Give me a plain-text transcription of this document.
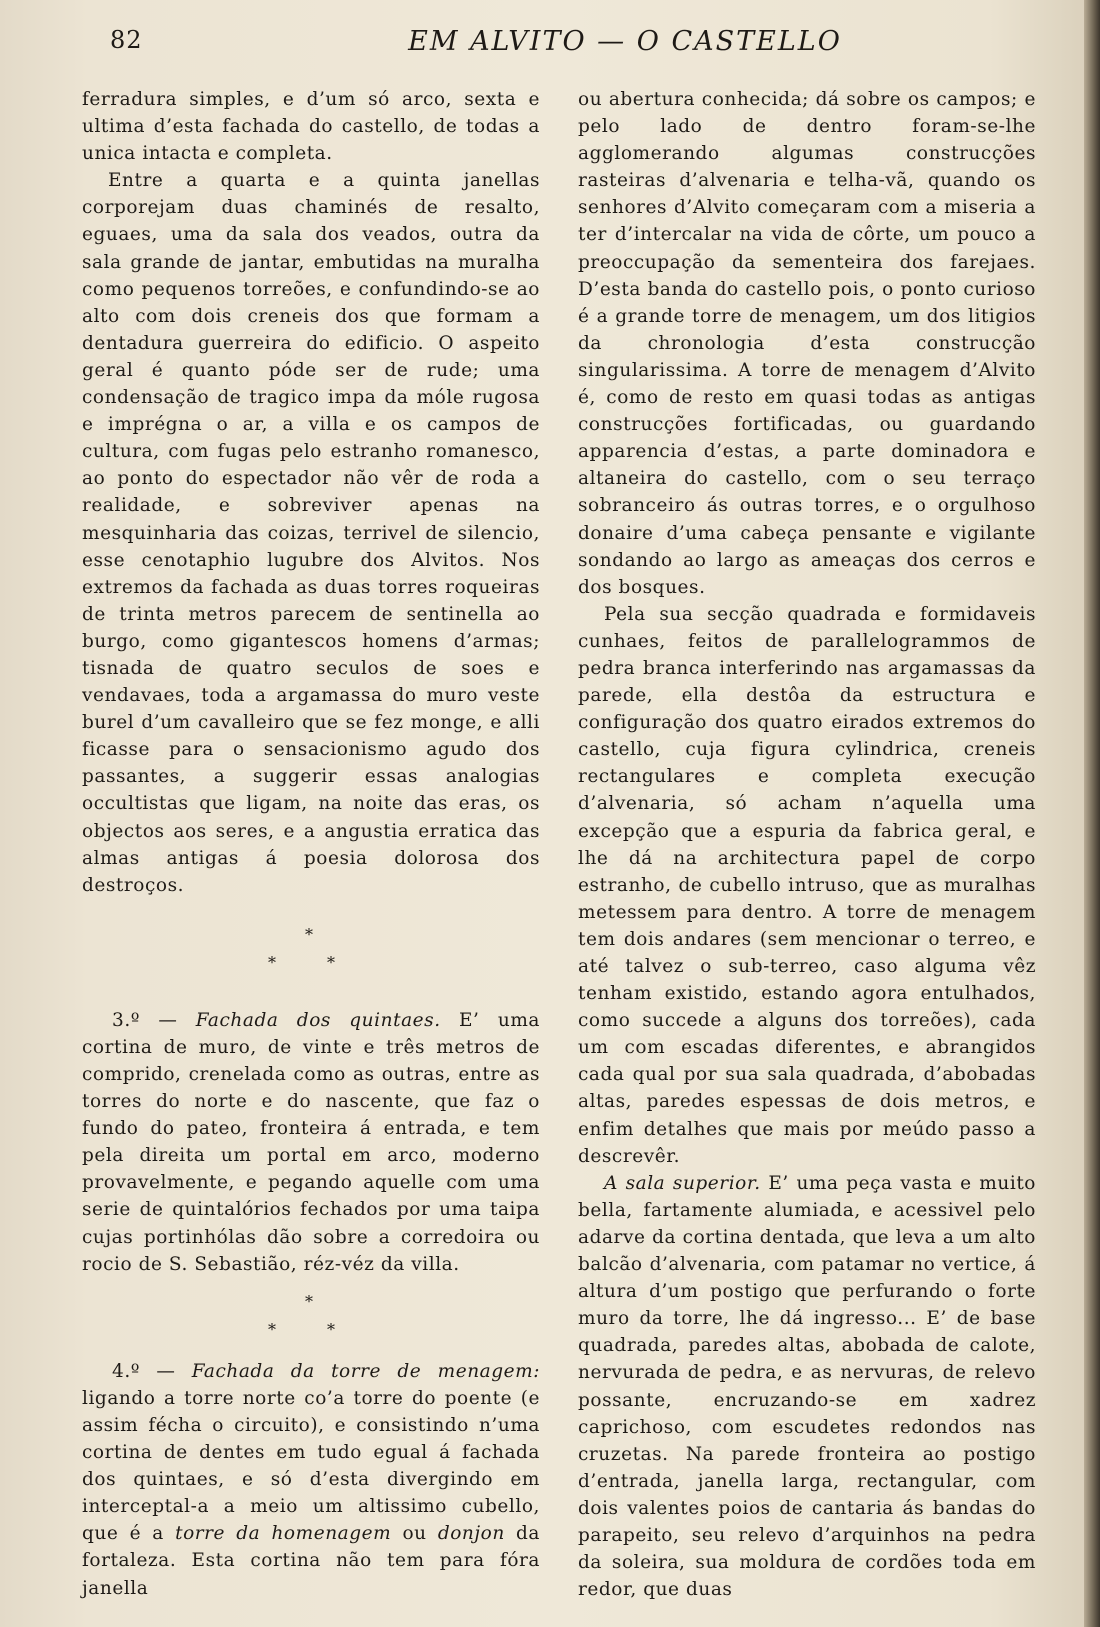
82	EM ALVITO — O CASTELLO

ferradura simples, e d’um só arco, sexta e ultima d’esta fachada do castello, de todas a unica intacta e completa.

Entre a quarta e a quinta janellas corporejam duas chaminés de resalto, eguaes, uma da sala dos veados, outra da sala grande de jantar, embutidas na muralha como pequenos torreões, e confundindo-se ao alto com dois creneis dos que formam a dentadura guerreira do edificio. O aspeito geral é quanto póde ser de rude; uma condensação de tragico impa da móle rugosa e imprégna o ar, a villa e os campos de cultura, com fugas pelo estranho romanesco, ao ponto do espectador não vêr de roda a realidade, e sobreviver apenas na mesquinharia das coizas, terrivel de silencio, esse cenotaphio lugubre dos Alvitos. Nos extremos da fachada as duas torres roqueiras de trinta metros parecem de sentinella ao burgo, como gigantescos homens d’armas; tisnada de quatro seculos de soes e vendavaes, toda a argamassa do muro veste burel d’um cavalleiro que se fez monge, e alli ficasse para o sensacionismo agudo dos passantes, a suggerir essas analogias occultistas que ligam, na noite das eras, os objectos aos seres, e a angustia erratica das almas antigas á poesia dolorosa dos destroços.

*
*	*

3.º — Fachada dos quintaes. E’ uma cortina de muro, de vinte e três metros de comprido, crenelada como as outras, entre as torres do norte e do nascente, que faz o fundo do pateo, fronteira á entrada, e tem pela direita um portal em arco, moderno provavelmente, e pegando aquelle com uma serie de quintalórios fechados por uma taipa cujas portinhólas dão sobre a corredoira ou rocio de S. Sebastião, réz-véz da villa.

*
*	*

4.º — Fachada da torre de menagem: ligando a torre norte co’a torre do poente (e assim fécha o circuito), e consistindo n’uma cortina de dentes em tudo egual á fachada dos quintaes, e só d’esta divergindo em interceptal-a a meio um altissimo cubello, que é a torre da homenagem ou donjon da fortaleza. Esta cortina não tem para fóra janella

ou abertura conhecida; dá sobre os campos; e pelo lado de dentro foram-se-lhe agglomerando algumas construcções rasteiras d’alvenaria e telha-vã, quando os senhores d’Alvito começaram com a miseria a ter d’intercalar na vida de côrte, um pouco a preoccupação da sementeira dos farejaes. D’esta banda do castello pois, o ponto curioso é a grande torre de menagem, um dos litigios da chronologia d’esta construcção singularissima. A torre de menagem d’Alvito é, como de resto em quasi todas as antigas construcções fortificadas, ou guardando apparencia d’estas, a parte dominadora e altaneira do castello, com o seu terraço sobranceiro ás outras torres, e o orgulhoso donaire d’uma cabeça pensante e vigilante sondando ao largo as ameaças dos cerros e dos bosques.

Pela sua secção quadrada e formidaveis cunhaes, feitos de parallelogrammos de pedra branca interferindo nas argamassas da parede, ella destôa da estructura e configuração dos quatro eirados extremos do castello, cuja figura cylindrica, creneis rectangulares e completa execução d’alvenaria, só acham n’aquella uma excepção que a espuria da fabrica geral, e lhe dá na architectura papel de corpo estranho, de cubello intruso, que as muralhas metessem para dentro. A torre de menagem tem dois andares (sem mencionar o terreo, e até talvez o sub-terreo, caso alguma vêz tenham existido, estando agora entulhados, como succede a alguns dos torreões), cada um com escadas diferentes, e abrangidos cada qual por sua sala quadrada, d’abobadas altas, paredes espessas de dois metros, e enfim detalhes que mais por meúdo passo a descrevêr.

A sala superior. E’ uma peça vasta e muito bella, fartamente alumiada, e acessivel pelo adarve da cortina dentada, que leva a um alto balcão d’alvenaria, com patamar no vertice, á altura d’um postigo que perfurando o forte muro da torre, lhe dá ingresso... E’ de base quadrada, paredes altas, abobada de calote, nervurada de pedra, e as nervuras, de relevo possante, encruzando-se em xadrez caprichoso, com escudetes redondos nas cruzetas. Na parede fronteira ao postigo d’entrada, janella larga, rectangular, com dois valentes poios de cantaria ás bandas do parapeito, seu relevo d’arquinhos na pedra da soleira, sua moldura de cordões toda em redor, que duas
